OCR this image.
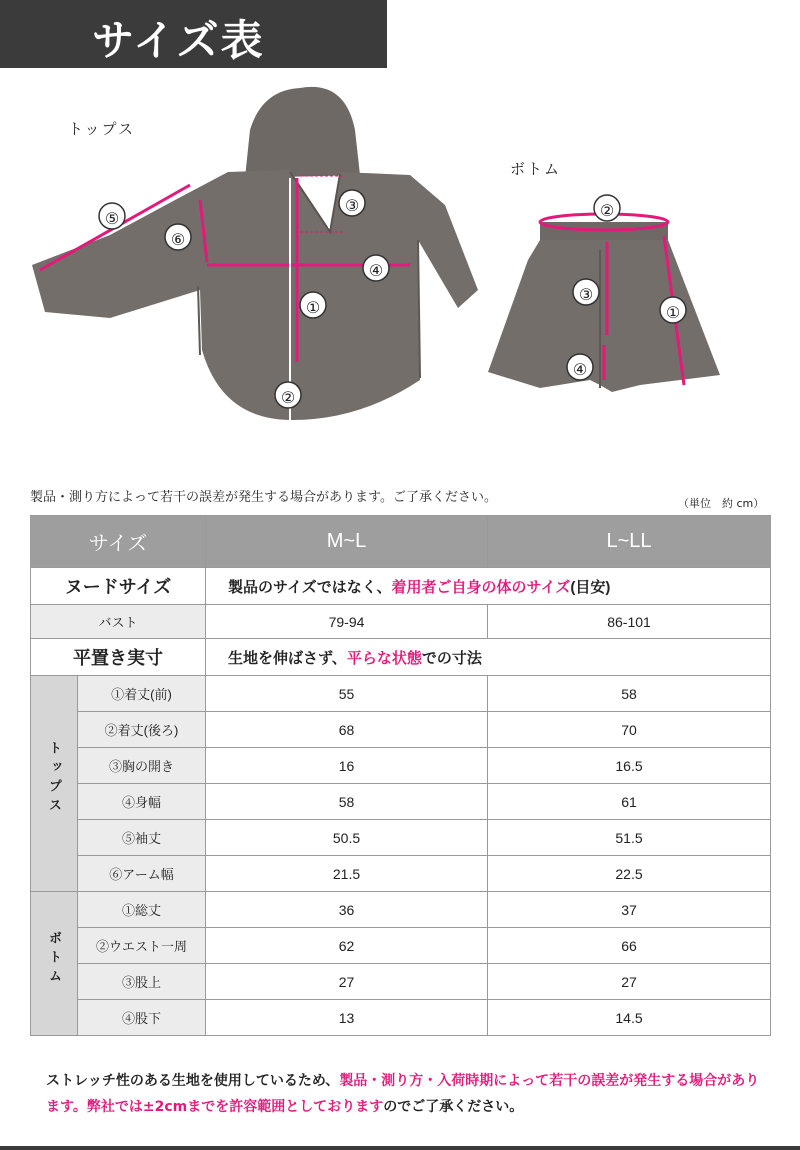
サイズ表
トップス
ボトム
⑤
⑥
③
④
①
②
②
③
①
④
製品・測り方によって若干の誤差が発生する場合があります。ご了承ください。	（単位　約 cm）
サイズ		M~L	L~LL
ヌードサイズ		製品のサイズではなく、着用者ご自身の体のサイズ(目安)	
バスト		79-94	86-101
平置き実寸		生地を伸ばさず、平らな状態での寸法	
トップス	①着丈(前)	55	58
	②着丈(後ろ)	68	70
	③胸の開き	16	16.5
	④身幅	58	61
	⑤袖丈	50.5	51.5
	⑥アーム幅	21.5	22.5
ボトム	①総丈	36	37
	②ウエスト一周	62	66
	③股上	27	27
	④股下	13	14.5
ストレッチ性のある生地を使用しているため、製品・測り方・入荷時期によって若干の誤差が発生する場合があります。弊社では±2cmまでを許容範囲としておりますのでご了承ください。
